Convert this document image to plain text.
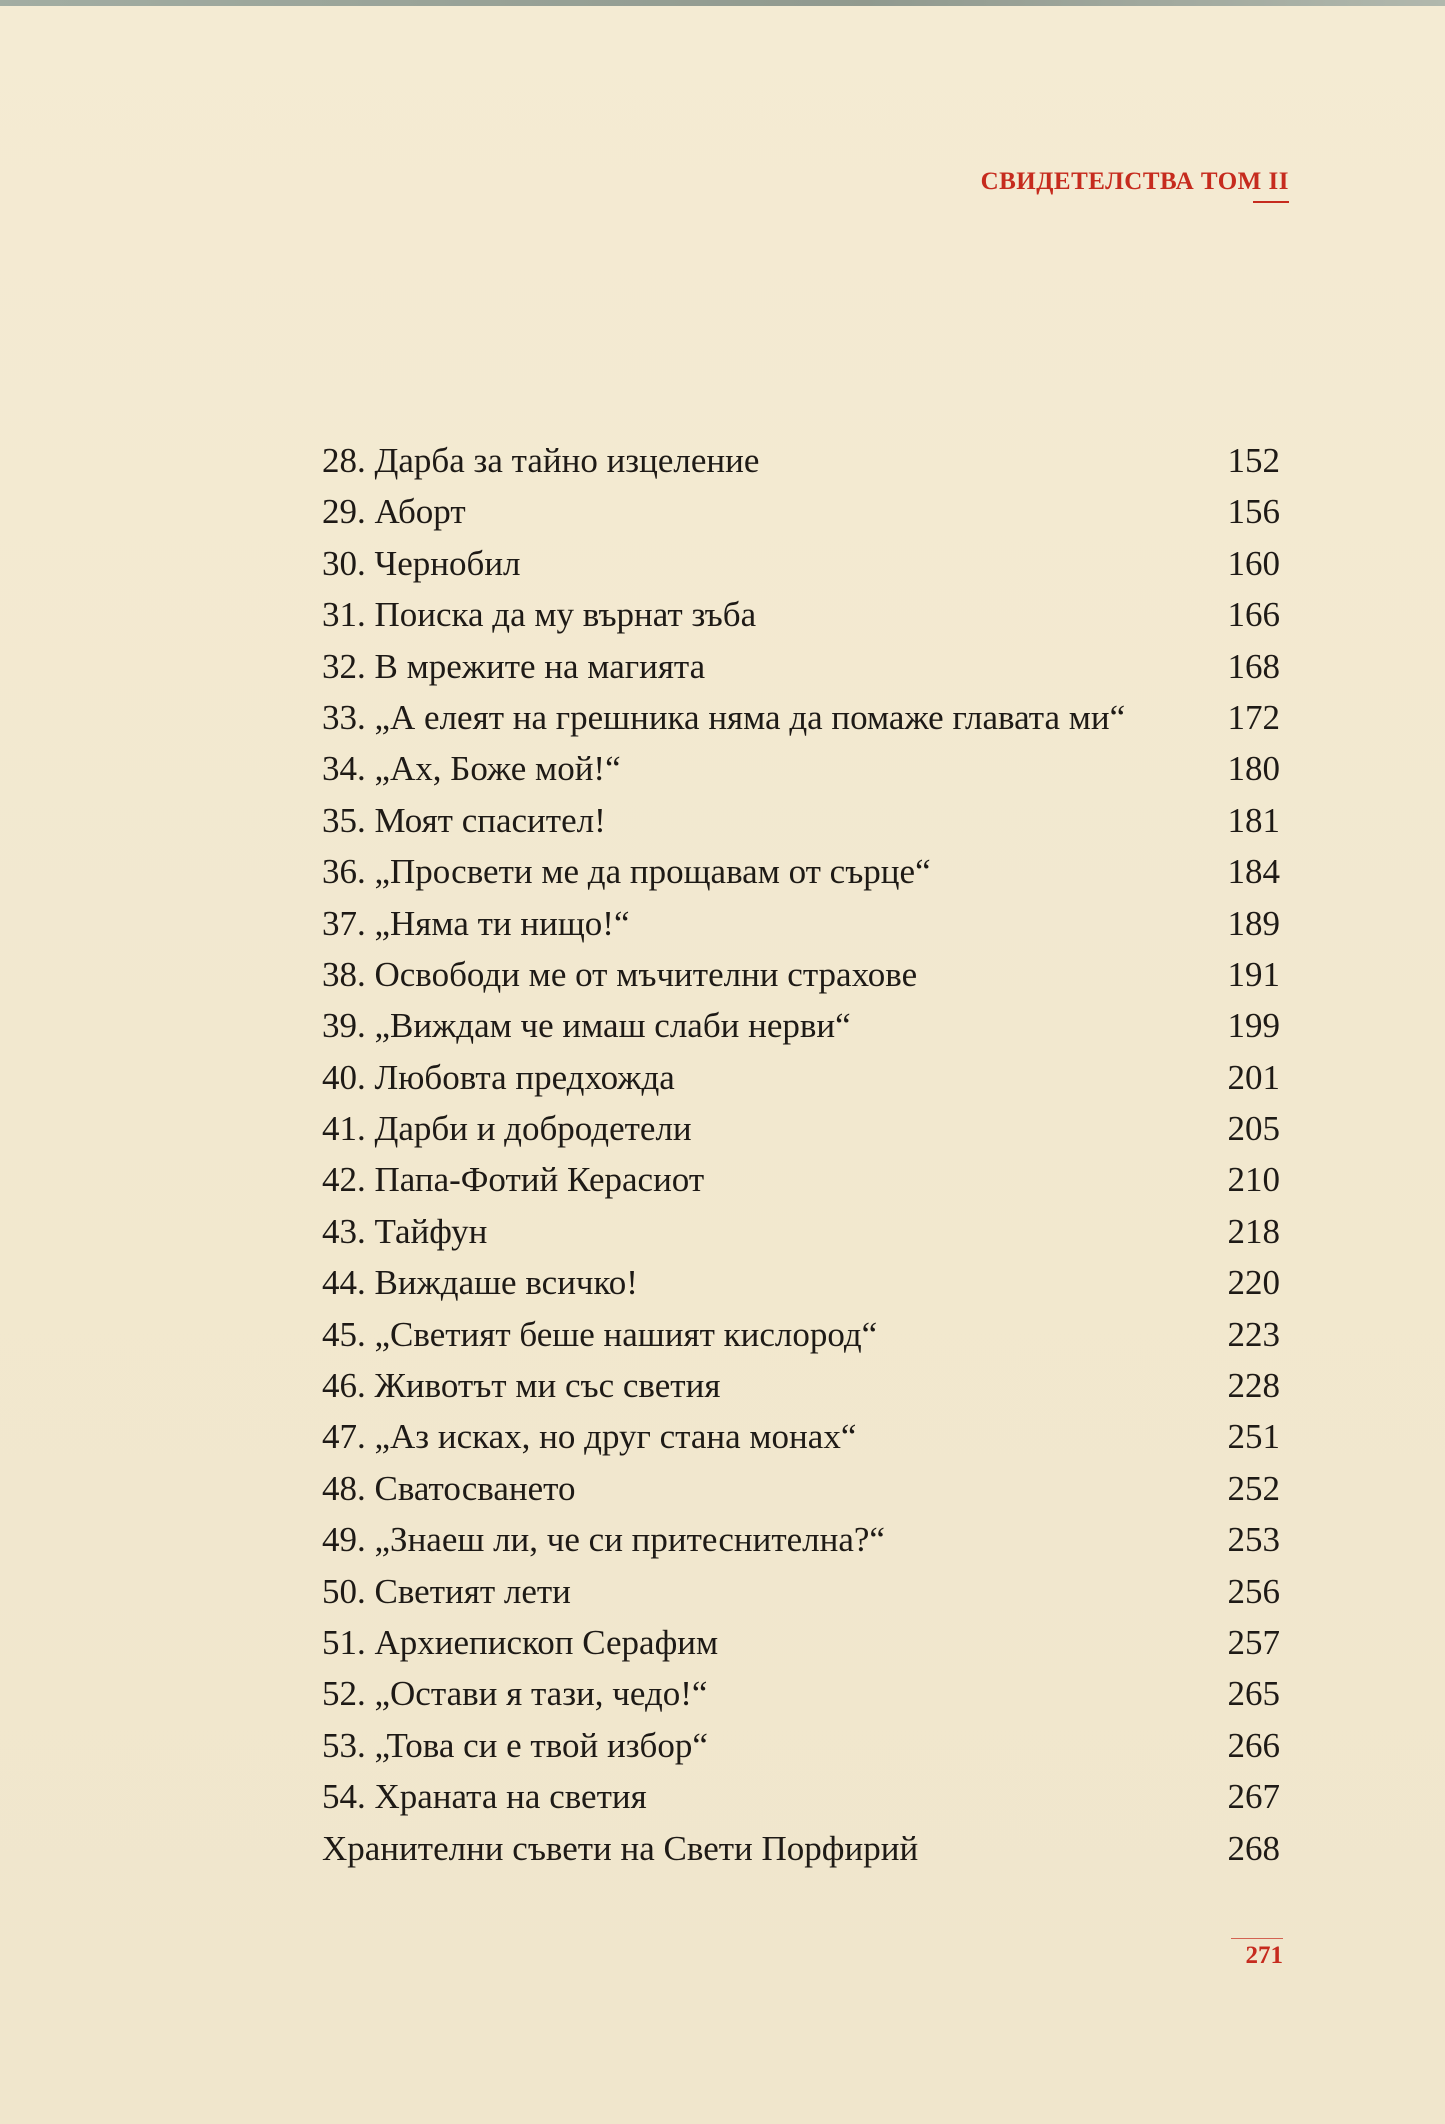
СВИДЕТЕЛСТВА ТОМ II
28. Дарба за тайно изцеление	152
29. Аборт	156
30. Чернобил	160
31. Поиска да му върнат зъба	166
32. В мрежите на магията	168
33. „А елеят на грешника няма да помаже главата ми“	172
34. „Ах, Боже мой!“	180
35. Моят спасител!	181
36. „Просвети ме да прощавам от сърце“	184
37. „Няма ти нищо!“	189
38. Освободи ме от мъчителни страхове	191
39. „Виждам че имаш слаби нерви“	199
40. Любовта предхожда	201
41. Дарби и добродетели	205
42. Папа-Фотий Керасиот	210
43. Тайфун	218
44. Виждаше всичко!	220
45. „Светият беше нашият кислород“	223
46. Животът ми със светия	228
47. „Аз исках, но друг стана монах“	251
48. Сватосването	252
49. „Знаеш ли, че си притеснителна?“	253
50. Светият лети	256
51. Архиепископ Серафим	257
52. „Остави я тази, чедо!“	265
53. „Това си е твой избор“	266
54. Храната на светия	267
Хранителни съвети на Свети Порфирий	268
271
